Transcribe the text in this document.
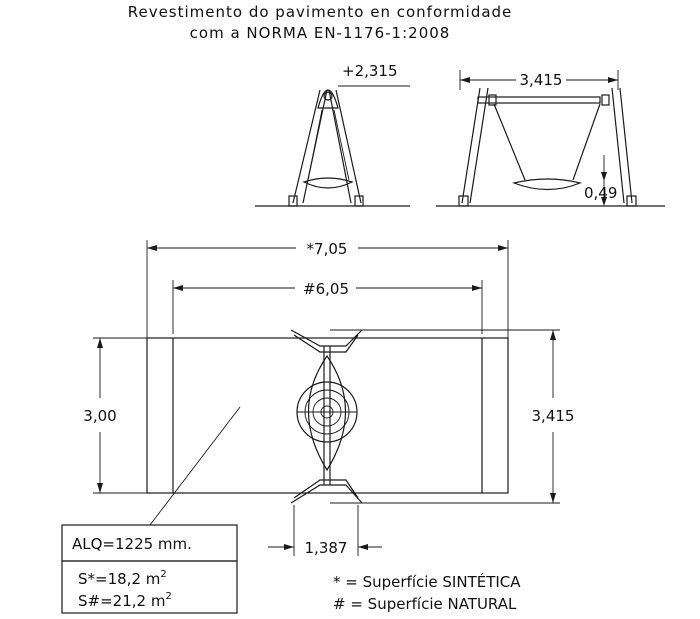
Revestimento do pavimento en conformidade
com a NORMA EN-1176-1:2008
+2,315	3,415
0,49
*7,05
#6,05
3,00	3,415
1,387
ALQ=1225 mm.
S*=18,2 $m^2$
S#=21,2 $m^2$
* = Superfície SINTÉTICA
# = Superfície NATURAL
